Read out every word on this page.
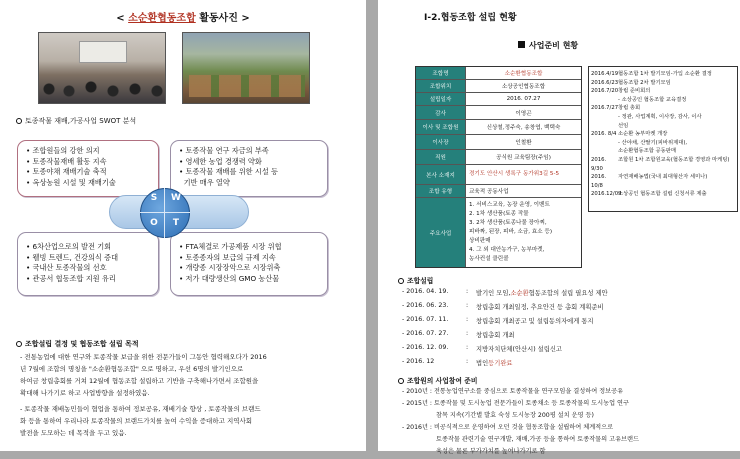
< 소순환협동조합 활동사진 >
토종작물 재배,가공사업 SWOT 분석
• 조합원들의 강한 의지
• 토종작물재배 활동 지속
• 토종야채 재배기술 축적
• 옥상농원 시설 및 재배기술
• 토종작물 연구 자금의 부족
• 영세한 농업 경쟁력 약화
• 토종작물 재배를 위한 시설 등
기반 매우 열약
• 6차산업으로의 발전 기회
• 웰빙 트렌드, 건강의식 증대
• 국내산 토종작물의 선호
• 관공서 협동조합 지원 유리
• FTA체결로 가공제품 시장 위협
• 토종종자의 보급의 규제 지속
• 개량종 시장장악으로 시장위축
• 저가 대량생산의 GMO 농산물
S	W
O	T
조합설립 결정 및 협동조합 설립 목적
- 전통농업에 대한 연구와 토종작물 보급을 위한 전문가들이 그동안 협력해오다가 2016
년 7월에 조합의 명칭을 "소순환협동조합" 으로 명하고, 우선 6명의 발기인으로
하여금 창립총회를 거쳐 12월에 협동조합 설립하고 기반을 구축해나가면서 조합원을
확대해 나가기로 하고 사업방향을 설정하였음.
- 토종작물 재배농민들이 협업을 통하여 정보공유, 재배기술 향상 , 토종작물의 브랜드
화 등을 통하여 우리나라 토종작물의 브랜드가치를 높여 수익을 증대하고 지역사회
발전을 도모하는 데 목적을 두고 있음.
Ⅰ-2.협동조합 설립 현황
사업준비 현황
조합명	소순환협동조합
조합위치	소상공인협동조합
설립일자	2016. 07.27
감사	이영곤
이사 및 조합원	신상철,정주숙, 송창엽, 백택숙
이사장	인철환
직원	공식원 교육팀장(주임)
본사 소재지	경기도 안산시 생록구 동가위3길 5-5
조합 유형	교육적 공동사업
주요사업
1. 서비스교육, 농장 운영, 이벤트
2. 1차 생산품(토종 작물
3. 2차 생산품(토종나물 장아찌,
피바짜, 된장, 피바, 소금, 효소 등)
상비판매
4. 그 외 대안농가구, 농부마켓,
농사컨설 클린콜
2016.4/19 협동조합 1차 발기모임-가입 소순환 결정
2016.6/23 협동조합 2차 발기모임
2016.7/20 창립 준비회의
- 소상공인 협동조합 교육결정
2016.7/27 창립 총회
- 정관, 사업계획, 이사장, 감사, 이사
선임
2016. 8/4 소순환 농부마켓 개장
- 산야채, 산딸기(피바위제대),
소순환협동조합 공동판매
2016. 9/30
조합원 1차 조합원교육(협동조합 경영과 마케팅)
2016. 10/8
자연재배농법(국내 최대형산자 세미나)
2016.12/09
소상공인 협동조합 설립 신청서류 제출
조합설립
- 2016. 04. 19.	:	발기인 모임, 소순환 협동조합의 설립 필요성 제안
- 2016. 06. 23.	:	창립총회 개최일정, 추요안건 등 총회 계획준비
- 2016. 07. 11.	:	창립총회 개최공고 및 설립동의자에게 통지
- 2016. 07. 27.	:	창립총회 개최
- 2016. 12. 09.	:	지방자치단체(안산시) 설립신고
- 2016. 12	:	법인 등기완료
조합원의 사업참여 준비
- 2010년 : 전통농업연구소를 중심으로 토종작물을 연구모임을 결성하여 정보공유
- 2015년 : 토종작물 및 도시농업 전문가들이 토종채소 등 토종작물의 도시농업 연구
참목 지속(기간별 발효 숙성 도시농장 200평 설치 운영 등)
- 2016년 : 비공식적으로 운영하여 오던 것을 협동조합을 설립하여 체계적으로
토종작물 관련기술 연구개발, 재배,가공 등을 통하여 토종작물의 고유브랜드
육성은 물론 부가가치를 높여나가기로 함
